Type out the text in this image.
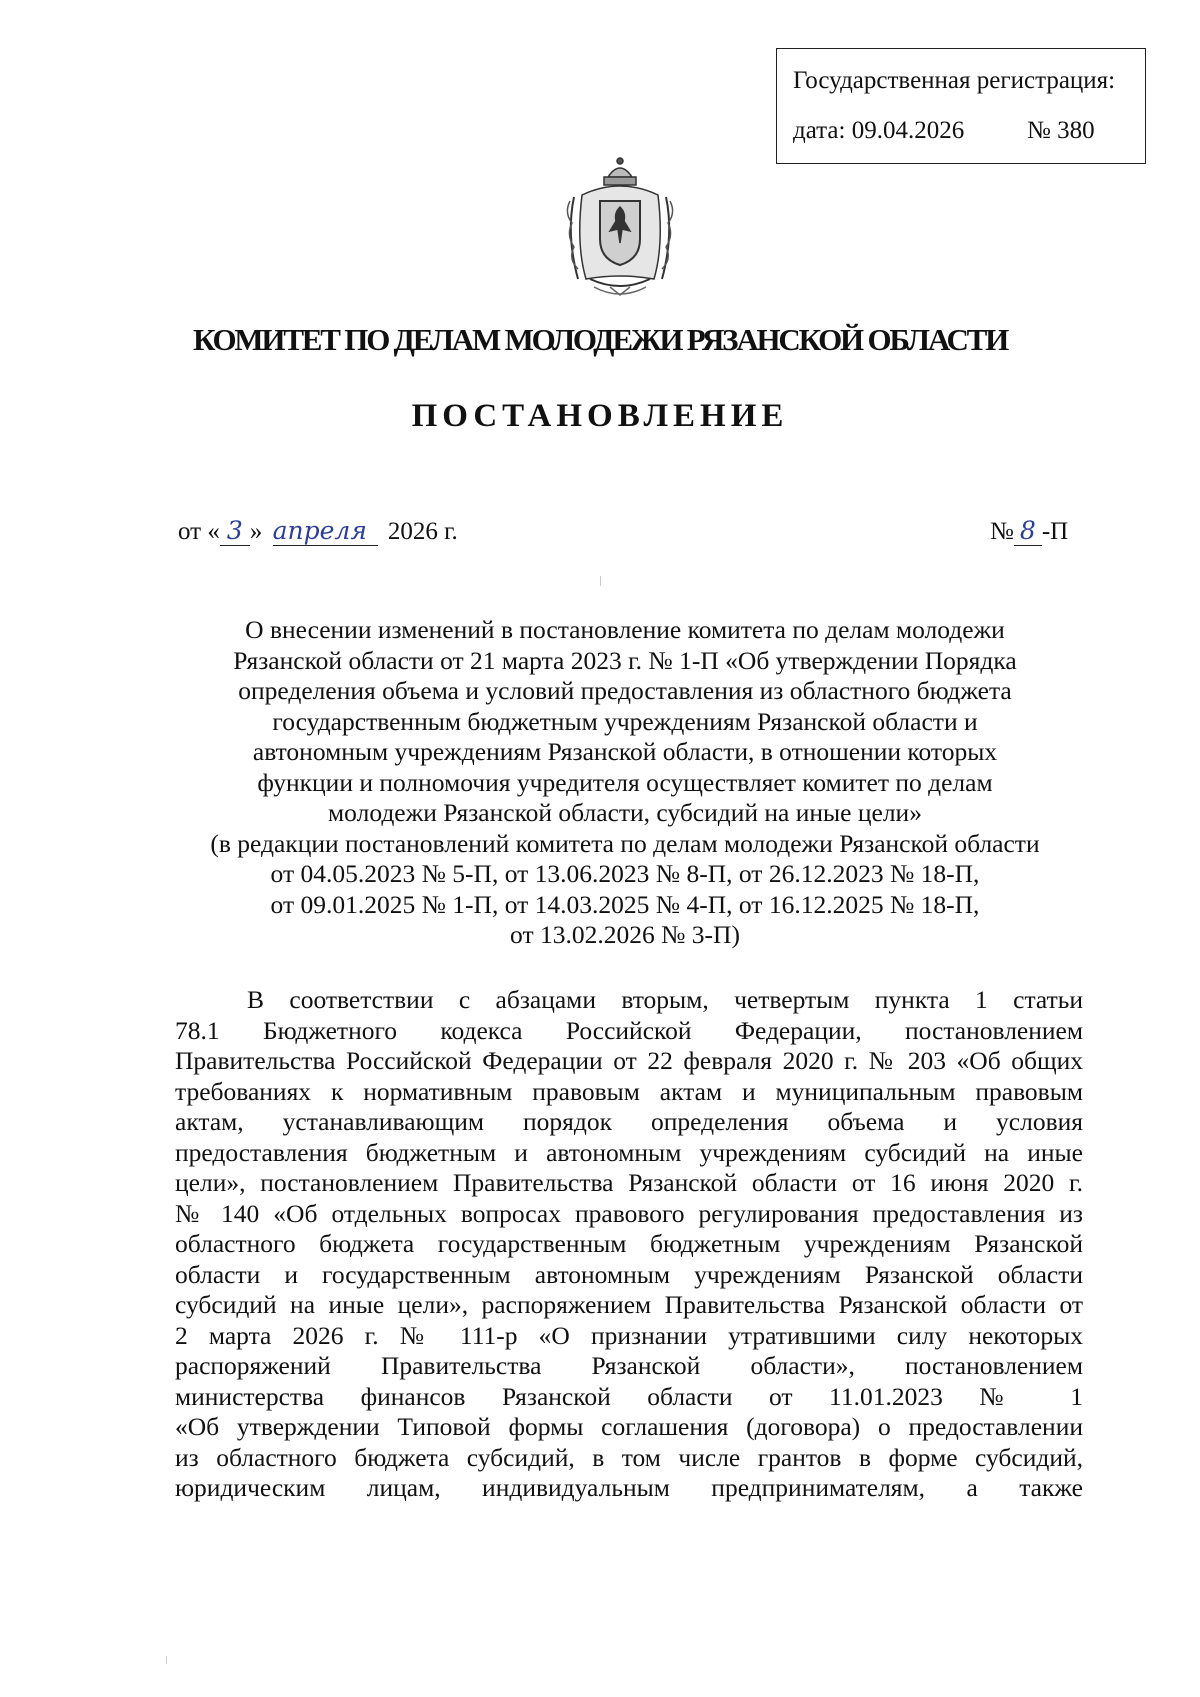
Государственная регистрация:
дата: 09.04.2026	№ 380
КОМИТЕТ ПО ДЕЛАМ МОЛОДЕЖИ РЯЗАНСКОЙ ОБЛАСТИ
ПОСТАНОВЛЕНИЕ
от « 3 » апреля 2026 г.	№ 8 -П
О внесении изменений в постановление комитета по делам молодежи
Рязанской области от 21 марта 2023 г. № 1-П «Об утверждении Порядка
определения объема и условий предоставления из областного бюджета
государственным бюджетным учреждениям Рязанской области и
автономным учреждениям Рязанской области, в отношении которых
функции и полномочия учредителя осуществляет комитет по делам
молодежи Рязанской области, субсидий на иные цели»
(в редакции постановлений комитета по делам молодежи Рязанской области
от 04.05.2023 № 5-П, от 13.06.2023 № 8-П, от 26.12.2023 № 18-П,
от 09.01.2025 № 1-П, от 14.03.2025 № 4-П, от 16.12.2025 № 18-П,
от 13.02.2026 № 3-П)
В соответствии с абзацами вторым, четвертым пункта 1 статьи
78.1 Бюджетного кодекса Российской Федерации, постановлением
Правительства Российской Федерации от 22 февраля 2020 г. № 203 «Об общих
требованиях к нормативным правовым актам и муниципальным правовым
актам, устанавливающим порядок определения объема и условия
предоставления бюджетным и автономным учреждениям субсидий на иные
цели», постановлением Правительства Рязанской области от 16 июня 2020 г.
№ 140 «Об отдельных вопросах правового регулирования предоставления из
областного бюджета государственным бюджетным учреждениям Рязанской
области и государственным автономным учреждениям Рязанской области
субсидий на иные цели», распоряжением Правительства Рязанской области от
2 марта 2026 г. № 111-р «О признании утратившими силу некоторых
распоряжений Правительства Рязанской области», постановлением
министерства финансов Рязанской области от 11.01.2023 № 1
«Об утверждении Типовой формы соглашения (договора) о предоставлении
из областного бюджета субсидий, в том числе грантов в форме субсидий,
юридическим лицам, индивидуальным предпринимателям, а также
